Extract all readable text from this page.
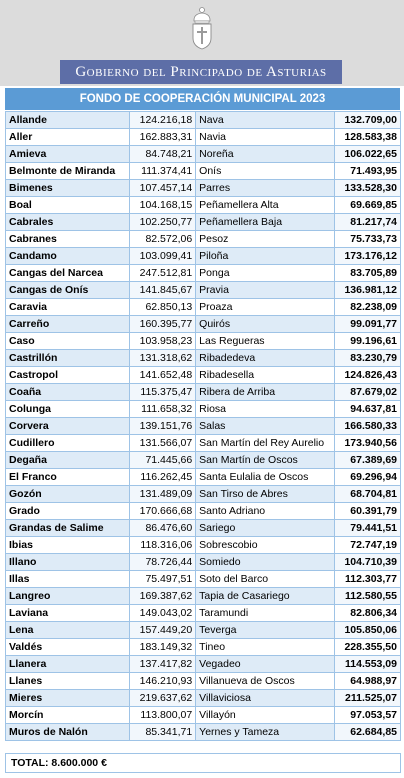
Gobierno del Principado de Asturias
FONDO DE COOPERACIÓN MUNICIPAL 2023
Allande	124.216,18	Nava	132.709,00
Aller	162.883,31	Navia	128.583,38
Amieva	84.748,21	Noreña	106.022,65
Belmonte de Miranda	111.374,41	Onís	71.493,95
Bimenes	107.457,14	Parres	133.528,30
Boal	104.168,15	Peñamellera Alta	69.669,85
Cabrales	102.250,77	Peñamellera Baja	81.217,74
Cabranes	82.572,06	Pesoz	75.733,73
Candamo	103.099,41	Piloña	173.176,12
Cangas del Narcea	247.512,81	Ponga	83.705,89
Cangas de Onís	141.845,67	Pravia	136.981,12
Caravia	62.850,13	Proaza	82.238,09
Carreño	160.395,77	Quirós	99.091,77
Caso	103.958,23	Las Regueras	99.196,61
Castrillón	131.318,62	Ribadedeva	83.230,79
Castropol	141.652,48	Ribadesella	124.826,43
Coaña	115.375,47	Ribera de Arriba	87.679,02
Colunga	111.658,32	Riosa	94.637,81
Corvera	139.151,76	Salas	166.580,33
Cudillero	131.566,07	San Martín del Rey Aurelio	173.940,56
Degaña	71.445,66	San Martín de Oscos	67.389,69
El Franco	116.262,45	Santa Eulalia de Oscos	69.296,94
Gozón	131.489,09	San Tirso de Abres	68.704,81
Grado	170.666,68	Santo Adriano	60.391,79
Grandas de Salime	86.476,60	Sariego	79.441,51
Ibias	118.316,06	Sobrescobio	72.747,19
Illano	78.726,44	Somiedo	104.710,39
Illas	75.497,51	Soto del Barco	112.303,77
Langreo	169.387,62	Tapia de Casariego	112.580,55
Laviana	149.043,02	Taramundi	82.806,34
Lena	157.449,20	Teverga	105.850,06
Valdés	183.149,32	Tineo	228.355,50
Llanera	137.417,82	Vegadeo	114.553,09
Llanes	146.210,93	Villanueva de Oscos	64.988,97
Mieres	219.637,62	Villaviciosa	211.525,07
Morcín	113.800,07	Villayón	97.053,57
Muros de Nalón	85.341,71	Yernes y Tameza	62.684,85
TOTAL: 8.600.000 €
